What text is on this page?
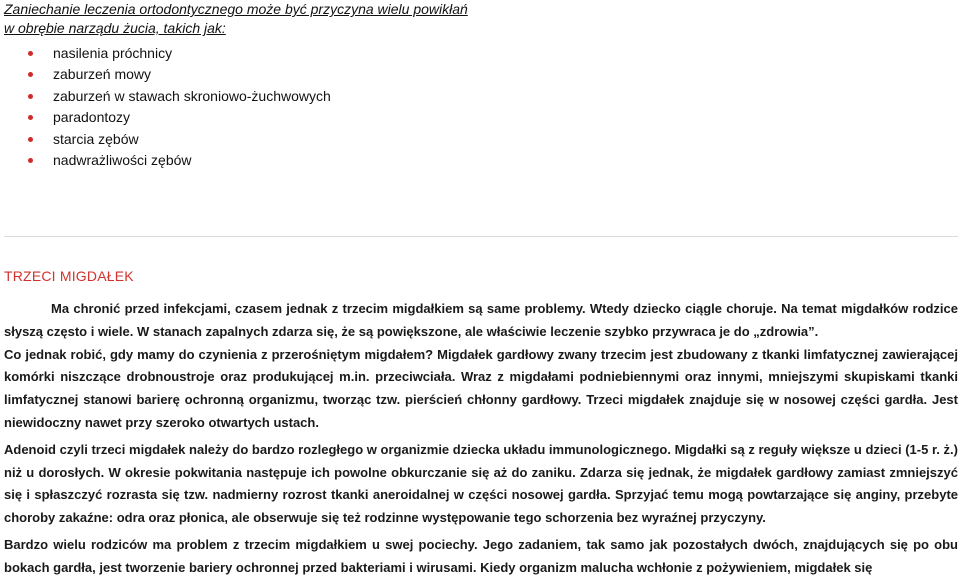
Zaniechanie leczenia ortodontycznego może być przyczyna wielu powikłań

w obrębie narządu żucia, takich jak:

nasilenia próchnicy
zaburzeń mowy
zaburzeń w stawach skroniowo-żuchwowych
paradontozy
starcia zębów
nadwrażliwości zębów
TRZECI MIGDAŁEK

Ma chronić przed infekcjami, czasem jednak z trzecim migdałkiem są same problemy. Wtedy dziecko ciągle choruje. Na temat migdałków rodzice słyszą często i wiele. W stanach zapalnych zdarza się, że są powiększone, ale właściwie leczenie szybko przywraca je do „zdrowia”.

Co jednak robić, gdy mamy do czynienia z przerośniętym migdałem? Migdałek gardłowy zwany trzecim jest zbudowany z tkanki limfatycznej zawierającej komórki niszczące drobnoustroje oraz produkującej m.in. przeciwciała. Wraz z migdałami podniebiennymi oraz innymi, mniejszymi skupiskami tkanki limfatycznej stanowi barierę ochronną organizmu, tworząc tzw. pierścień chłonny gardłowy. Trzeci migdałek znajduje się w nosowej części gardła. Jest niewidoczny nawet przy szeroko otwartych ustach.

Adenoid czyli trzeci migdałek należy do bardzo rozległego w organizmie dziecka układu immunologicznego. Migdałki są z reguły większe u dzieci (1-5 r. ż.) niż u dorosłych. W okresie pokwitania następuje ich powolne obkurczanie się aż do zaniku. Zdarza się jednak, że migdałek gardłowy zamiast zmniejszyć się i spłaszczyć rozrasta się tzw. nadmierny rozrost tkanki aneroidalnej w części nosowej gardła. Sprzyjać temu mogą powtarzające się anginy, przebyte choroby zakaźne: odra oraz płonica, ale obserwuje się też rodzinne występowanie tego schorzenia bez wyraźnej przyczyny.

Bardzo wielu rodziców ma problem z trzecim migdałkiem u swej pociechy. Jego zadaniem, tak samo jak pozostałych dwóch, znajdujących się po obu bokach gardła, jest tworzenie bariery ochronnej przed bakteriami i wirusami. Kiedy organizm malucha wchłonie z pożywieniem, migdałek się
